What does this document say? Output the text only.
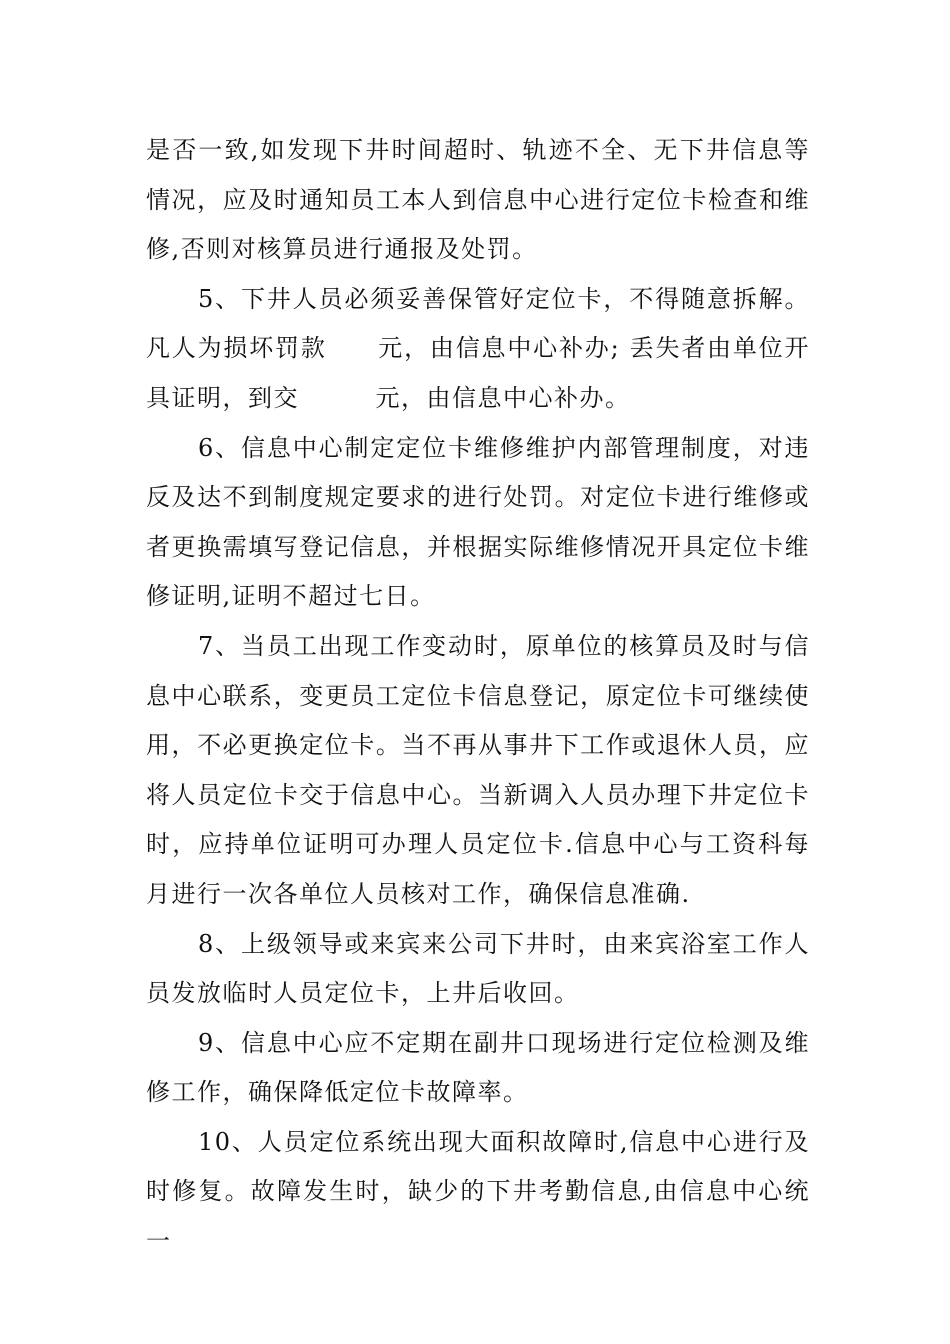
是否一致,如发现下井时间超时、轨迹不全、无下井信息等情况，应及时通知员工本人到信息中心进行定位卡检查和维修,否则对核算员进行通报及处罚。

5、下井人员必须妥善保管好定位卡，不得随意拆解。凡人为损坏罚款　　元，由信息中心补办; 丢失者由单位开具证明，到交　　　元，由信息中心补办。

6、信息中心制定定位卡维修维护内部管理制度，对违反及达不到制度规定要求的进行处罚。对定位卡进行维修或者更换需填写登记信息，并根据实际维修情况开具定位卡维修证明,证明不超过七日。

7、当员工出现工作变动时，原单位的核算员及时与信息中心联系，变更员工定位卡信息登记，原定位卡可继续使用，不必更换定位卡。当不再从事井下工作或退休人员，应将人员定位卡交于信息中心。当新调入人员办理下井定位卡时，应持单位证明可办理人员定位卡.信息中心与工资科每月进行一次各单位人员核对工作，确保信息准确.

8、上级领导或来宾来公司下井时，由来宾浴室工作人员发放临时人员定位卡，上井后收回。

9、信息中心应不定期在副井口现场进行定位检测及维修工作，确保降低定位卡故障率。

10、人员定位系统出现大面积故障时,信息中心进行及时修复。故障发生时，缺少的下井考勤信息,由信息中心统一
